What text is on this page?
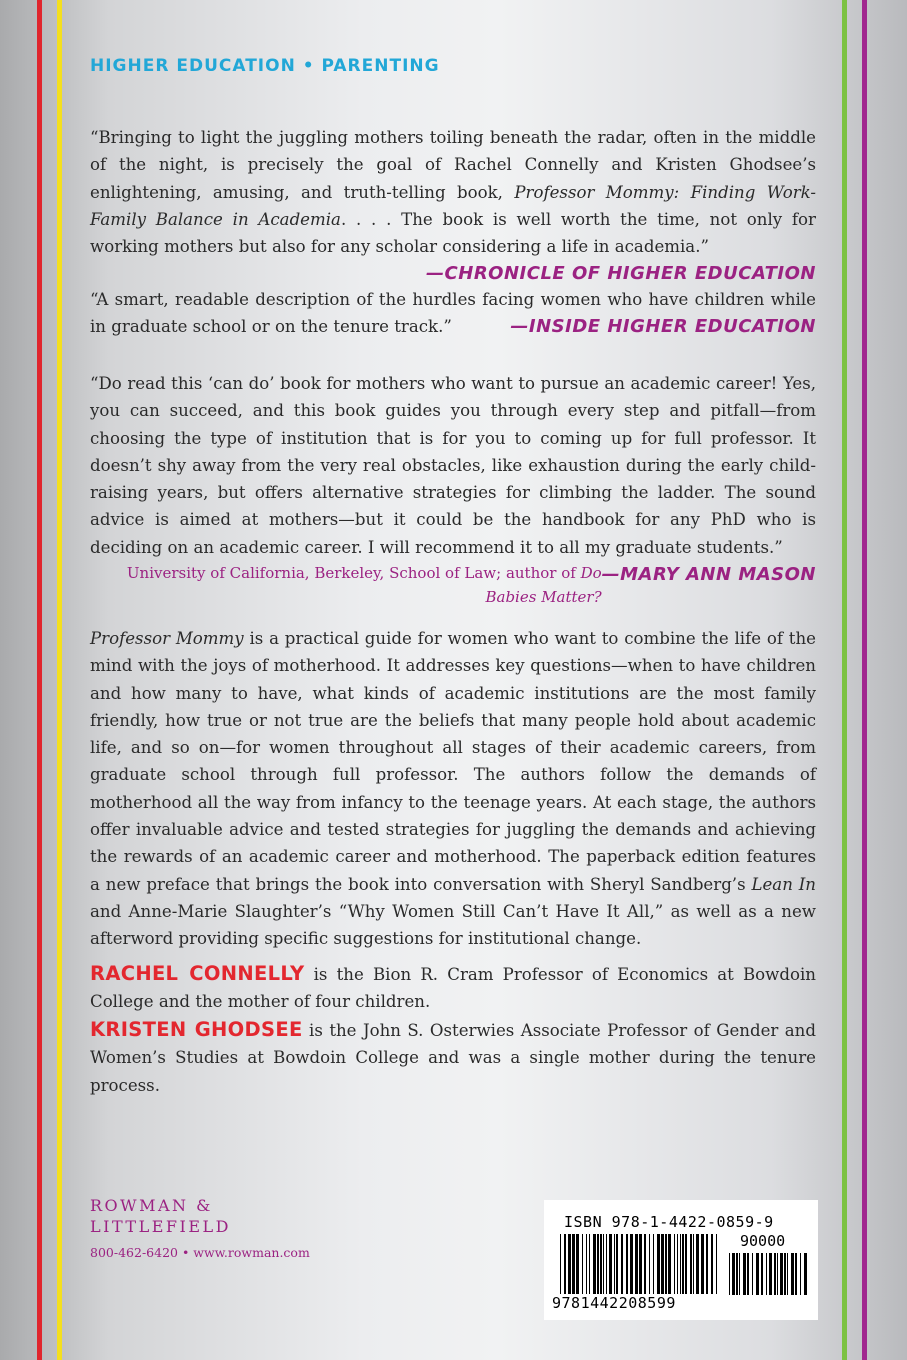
HIGHER EDUCATION • PARENTING

“Bringing to light the juggling mothers toiling beneath the radar, often in the middle of the night, is precisely the goal of Rachel Connelly and Kristen Ghodsee’s enlightening, amusing, and truth-telling book, Professor Mommy: Finding Work-Family Balance in Academia. . . . The book is well worth the time, not only for working mothers but also for any scholar considering a life in academia.”
—CHRONICLE OF HIGHER EDUCATION

“A smart, readable description of the hurdles facing women who have children while in graduate school or on the tenure track.”	—INSIDE HIGHER EDUCATION

“Do read this ‘can do’ book for mothers who want to pursue an academic career! Yes, you can succeed, and this book guides you through every step and pitfall—from choosing the type of institution that is for you to coming up for full professor. It doesn’t shy away from the very real obstacles, like exhaustion during the early child-raising years, but offers alternative strategies for climbing the ladder. The sound advice is aimed at mothers—but it could be the handbook for any PhD who is deciding on an academic career. I will recommend it to all my graduate students.”
—MARY ANN MASON

University of California, Berkeley, School of Law; author of Do Babies Matter?

Professor Mommy is a practical guide for women who want to combine the life of the mind with the joys of motherhood. It addresses key questions—when to have children and how many to have, what kinds of academic institutions are the most family friendly, how true or not true are the beliefs that many people hold about academic life, and so on—for women throughout all stages of their academic careers, from graduate school through full professor. The authors follow the demands of motherhood all the way from infancy to the teenage years. At each stage, the authors offer invaluable advice and tested strategies for juggling the demands and achieving the rewards of an academic career and motherhood. The paperback edition features a new preface that brings the book into conversation with Sheryl Sandberg’s Lean In and Anne-Marie Slaughter’s “Why Women Still Can’t Have It All,” as well as a new afterword providing specific suggestions for institutional change.

RACHEL CONNELLY is the Bion R. Cram Professor of Economics at Bowdoin College and the mother of four children.

KRISTEN GHODSEE is the John S. Osterwies Associate Professor of Gender and Women’s Studies at Bowdoin College and was a single mother during the tenure process.

ROWMAN &
LITTLEFIELD
800-462-6420 • www.rowman.com
ISBN 978-1-4422-0859-9
90000
9781442208599
